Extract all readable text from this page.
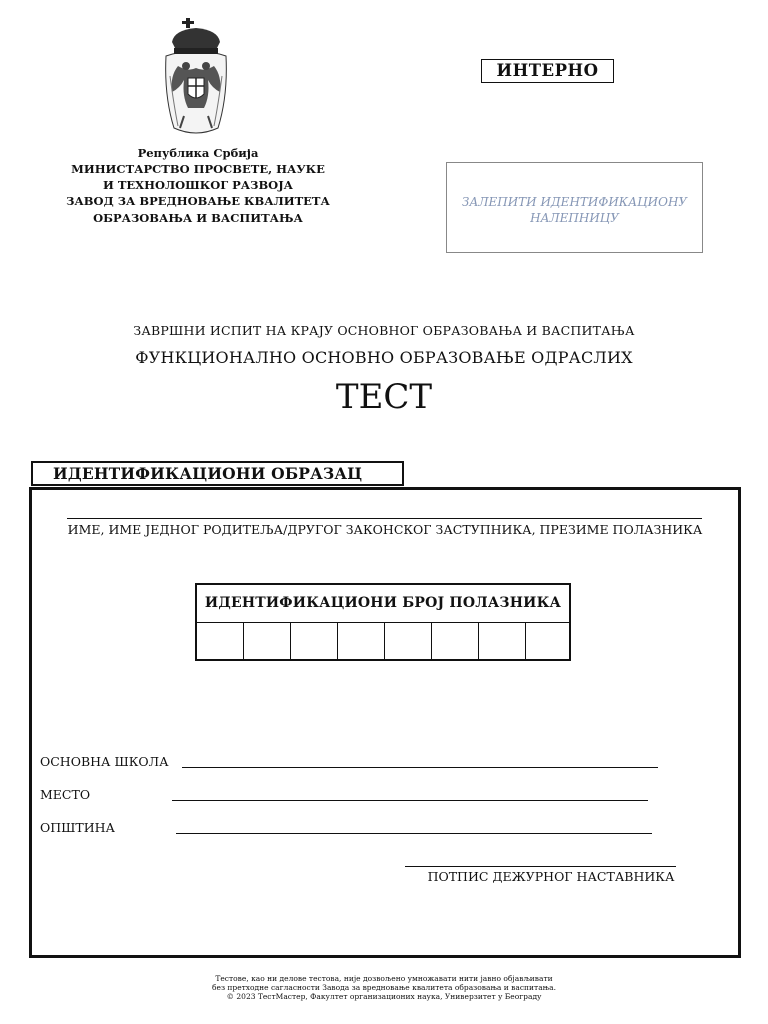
Република Србија
МИНИСТАРСТВО ПРОСВЕТЕ, НАУКЕ
И ТЕХНОЛОШКОГ РАЗВОЈА
ЗАВОД ЗА ВРЕДНОВАЊЕ КВАЛИТЕТА
ОБРАЗОВАЊА И ВАСПИТАЊА
ИНТЕРНО
ЗАЛЕПИТИ ИДЕНТИФИКАЦИОНУ
НАЛЕПНИЦУ
ЗАВРШНИ ИСПИТ НА КРАЈУ ОСНОВНОГ ОБРАЗОВАЊА И ВАСПИТАЊА
ФУНКЦИОНАЛНО ОСНОВНО ОБРАЗОВАЊЕ ОДРАСЛИХ
ТЕСТ
ИДЕНТИФИКАЦИОНИ ОБРАЗАЦ
ИМЕ, ИМЕ ЈЕДНОГ РОДИТЕЉА/ДРУГОГ ЗАКОНСКОГ ЗАСТУПНИКА, ПРЕЗИМЕ ПОЛАЗНИКА
ИДЕНТИФИКАЦИОНИ БРОЈ ПОЛАЗНИКА
ОСНОВНА ШКОЛА
МЕСТО
ОПШТИНА
ПОТПИС ДЕЖУРНОГ НАСТАВНИКА
Тестове, као ни делове тестова, није дозвољено умножавати нити јавно објављивати
без претходне сагласности Завода за вредновање квалитета образовања и васпитања.
© 2023 ТестМастер, Факултет организационих наука, Универзитет у Београду
